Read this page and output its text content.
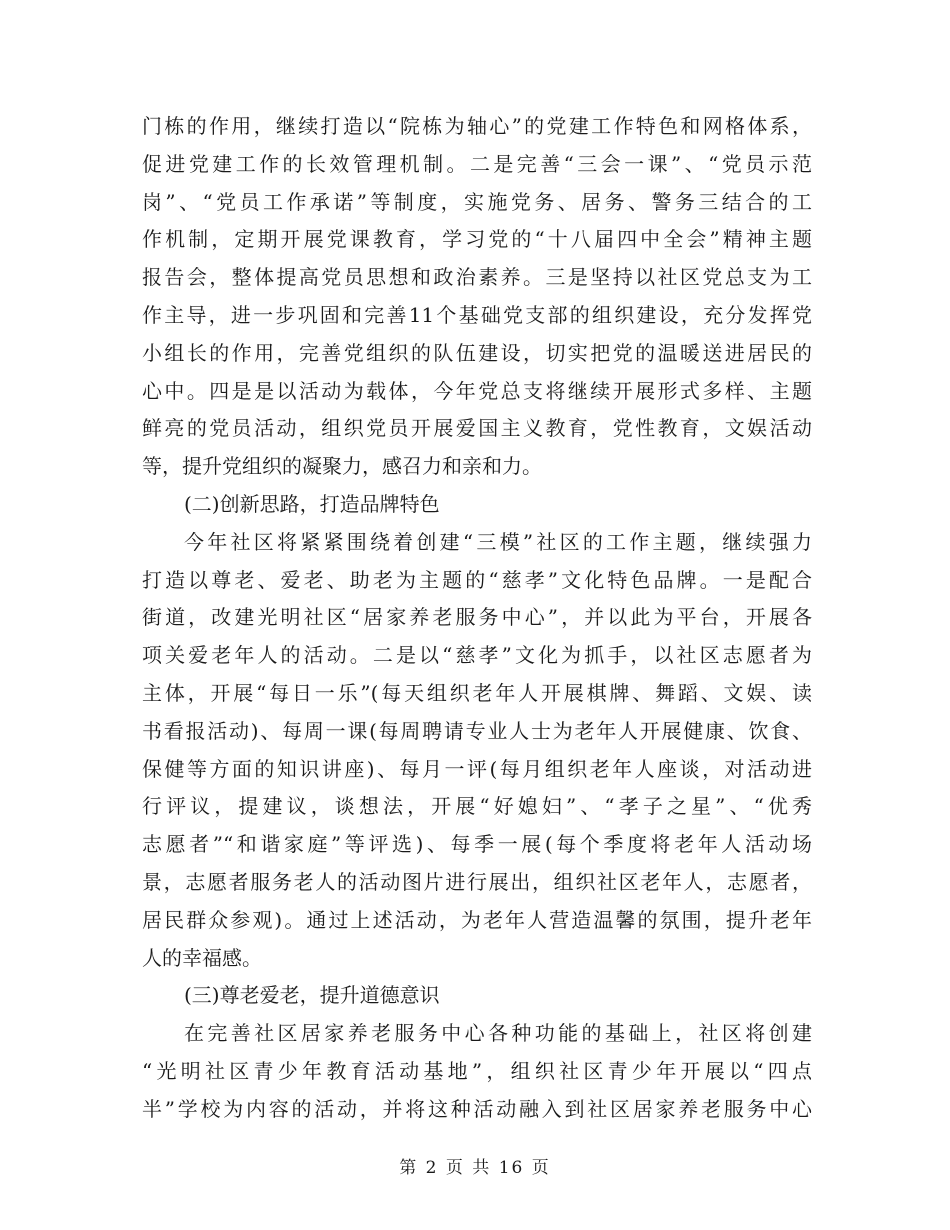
门栋的作用，继续打造以“院栋为轴心”的党建工作特色和网格体系，
促进党建工作的长效管理机制。二是完善“三会一课”、“党员示范
岗”、“党员工作承诺”等制度，实施党务、居务、警务三结合的工
作机制，定期开展党课教育，学习党的“十八届四中全会”精神主题
报告会，整体提高党员思想和政治素养。三是坚持以社区党总支为工
作主导，进一步巩固和完善11个基础党支部的组织建设，充分发挥党
小组长的作用，完善党组织的队伍建设，切实把党的温暖送进居民的
心中。四是是以活动为载体，今年党总支将继续开展形式多样、主题
鲜亮的党员活动，组织党员开展爱国主义教育，党性教育，文娱活动
等，提升党组织的凝聚力，感召力和亲和力。
(二)创新思路，打造品牌特色
今年社区将紧紧围绕着创建“三模”社区的工作主题，继续强力
打造以尊老、爱老、助老为主题的“慈孝”文化特色品牌。一是配合
街道，改建光明社区“居家养老服务中心”，并以此为平台，开展各
项关爱老年人的活动。二是以“慈孝”文化为抓手，以社区志愿者为
主体，开展“每日一乐”(每天组织老年人开展棋牌、舞蹈、文娱、读
书看报活动)、每周一课(每周聘请专业人士为老年人开展健康、饮食、
保健等方面的知识讲座)、每月一评(每月组织老年人座谈，对活动进
行评议，提建议，谈想法，开展“好媳妇”、“孝子之星”、“优秀
志愿者”“和谐家庭”等评选)、每季一展(每个季度将老年人活动场
景，志愿者服务老人的活动图片进行展出，组织社区老年人，志愿者，
居民群众参观)。通过上述活动，为老年人营造温馨的氛围，提升老年
人的幸福感。
(三)尊老爱老，提升道德意识
在完善社区居家养老服务中心各种功能的基础上，社区将创建
“光明社区青少年教育活动基地”，组织社区青少年开展以“四点
半”学校为内容的活动，并将这种活动融入到社区居家养老服务中心
第 2 页 共 16 页
